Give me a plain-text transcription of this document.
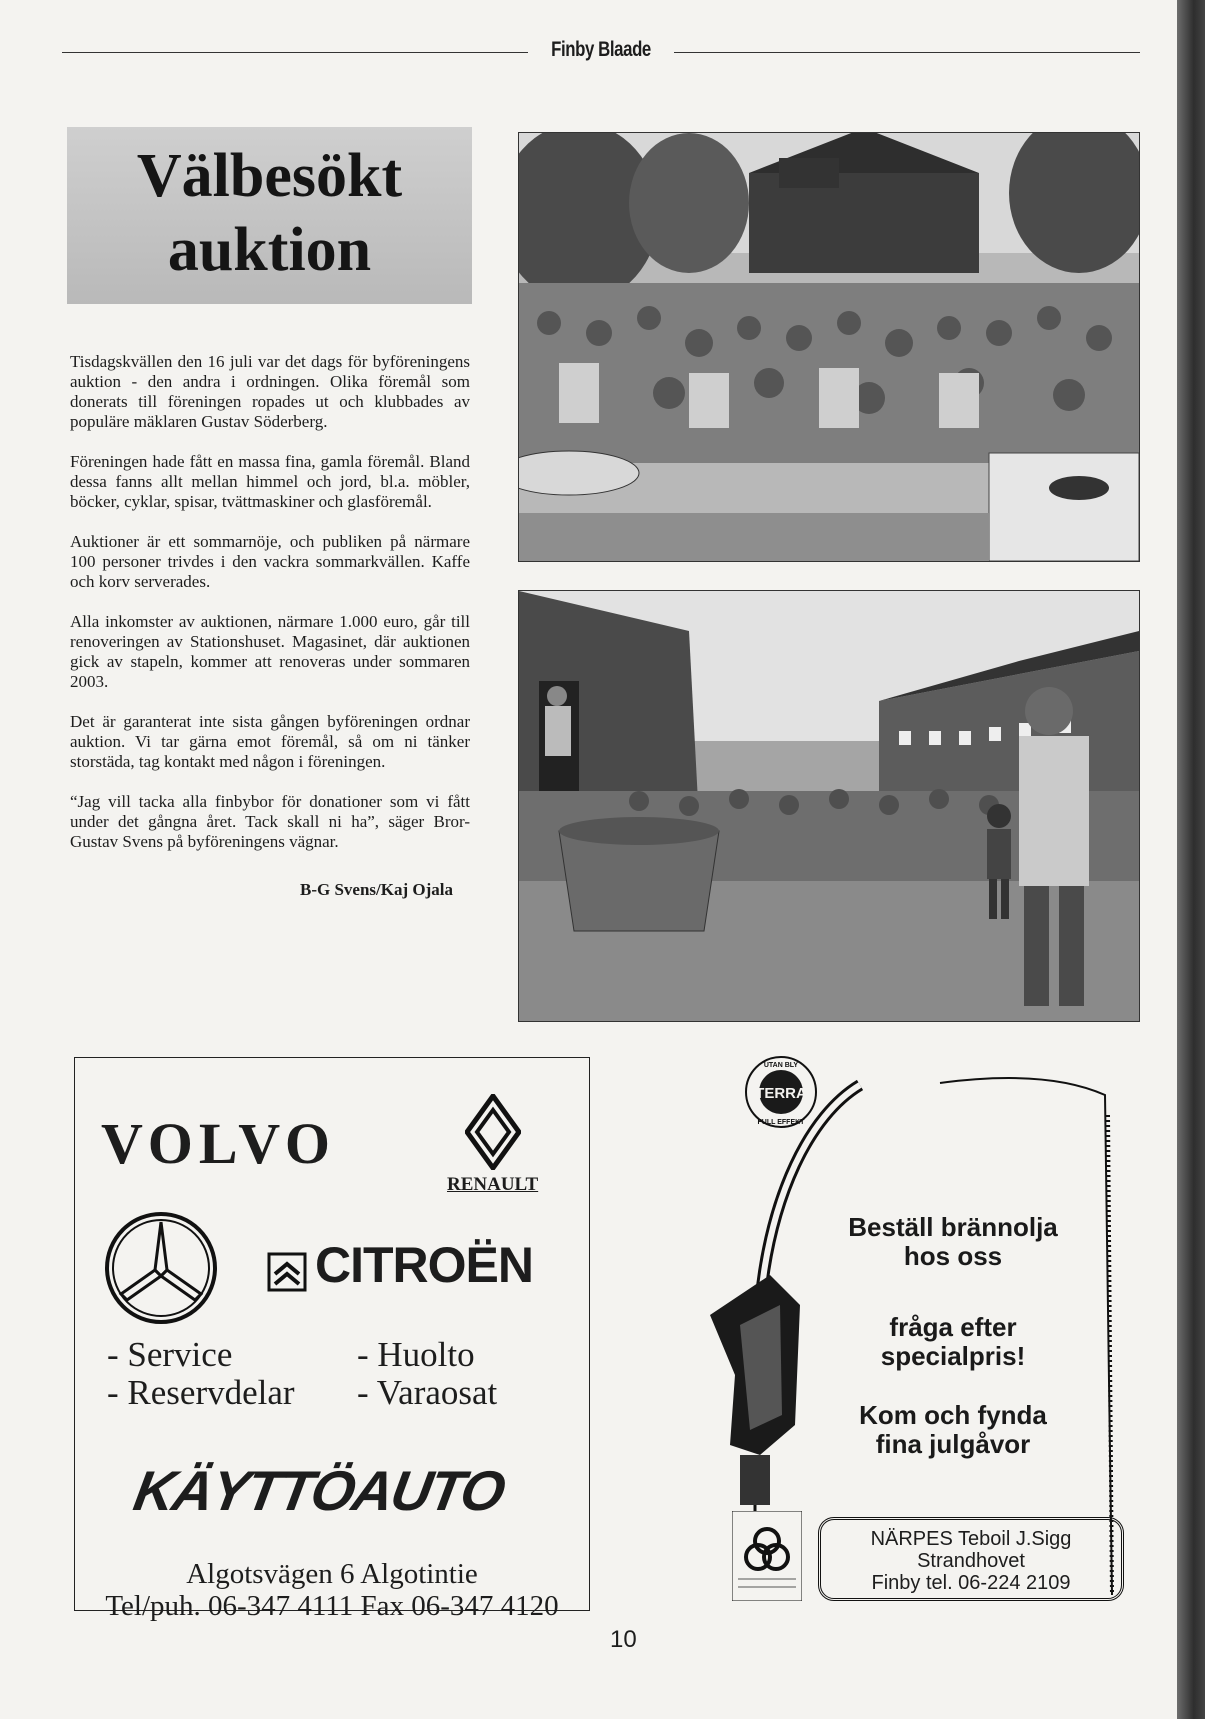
Finby Blaade
Välbesökt
auktion

Tisdagskvällen den 16 juli var det dags för byföreningens auktion - den andra i ordningen. Olika föremål som donerats till föreningen ropades ut och klubbades av populäre mäklaren Gustav Söderberg.

Föreningen hade fått en massa fina, gamla föremål. Bland dessa fanns allt mellan himmel och jord, bl.a. möbler, böcker, cyklar, spisar, tvättmaskiner och glasföremål.

Auktioner är ett sommarnöje, och publiken på närmare 100 personer trivdes i den vackra sommarkvällen. Kaffe och korv serverades.

Alla inkomster av auktionen, närmare 1.000 euro, går till renoveringen av Stationshuset. Magasinet, där auktionen gick av stapeln, kommer att renoveras under sommaren 2003.

Det är garanterat inte sista gången byföreningen ordnar auktion. Vi tar gärna emot föremål, så om ni tänker storstäda, tag kontakt med någon i föreningen.

“Jag vill tacka alla finbybor för donationer som vi fått under det gångna året. Tack skall ni ha”, säger Bror-Gustav Svens på byföreningens vägnar.

B-G Svens/Kaj Ojala
VOLVO
RENAULT
CITROËN
- Service	- Huolto
- Reservdelar - Varaosat
KÄYTTÖAUTO
Algotsvägen 6 Algotintie
Tel/puh. 06-347 4111 Fax 06-347 4120
TERRA
UTAN BLY
FULL EFFEKT
Beställ brännolja
hos oss
fråga efter
specialpris!
Kom och fynda
fina julgåvor
NÄRPES Teboil J.Sigg
Strandhovet
Finby tel. 06-224 2109
10
